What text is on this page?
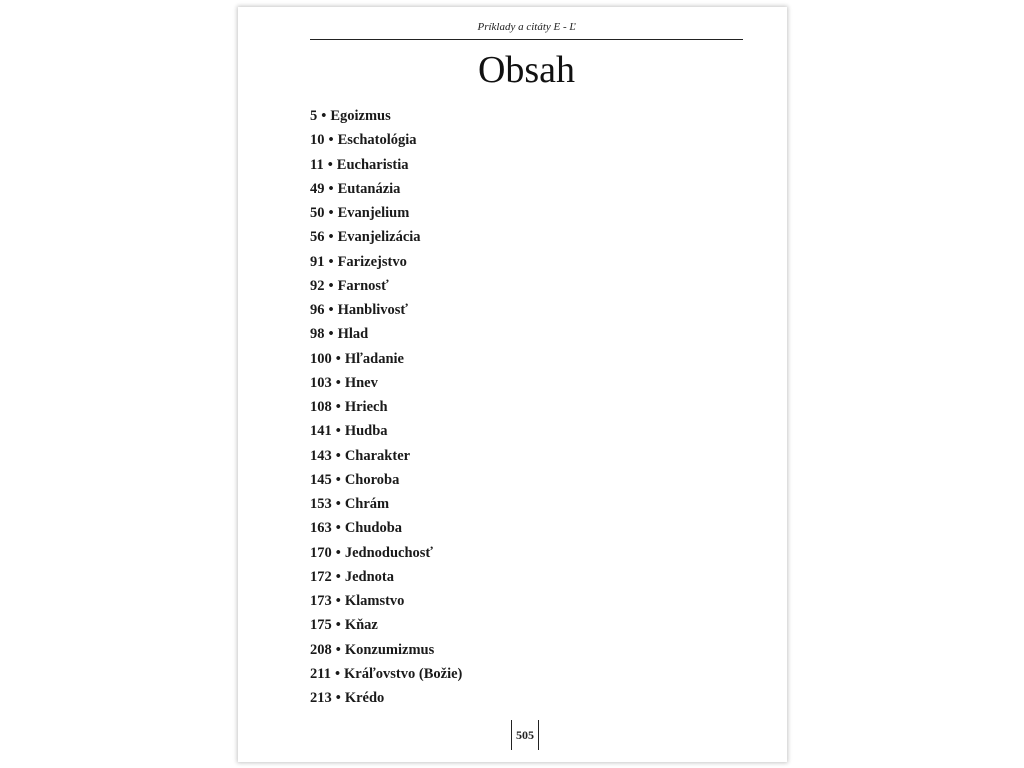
Príklady a citáty E - Ľ
Obsah
5 • Egoizmus
10 • Eschatológia
11 • Eucharistia
49 • Eutanázia
50 • Evanjelium
56 • Evanjelizácia
91 • Farizejstvo
92 • Farnosť
96 • Hanblivosť
98 • Hlad
100 • Hľadanie
103 • Hnev
108 • Hriech
141 • Hudba
143 • Charakter
145 • Choroba
153 • Chrám
163 • Chudoba
170 • Jednoduchosť
172 • Jednota
173 • Klamstvo
175 • Kňaz
208 • Konzumizmus
211 • Kráľovstvo (Božie)
213 • Krédo
505
